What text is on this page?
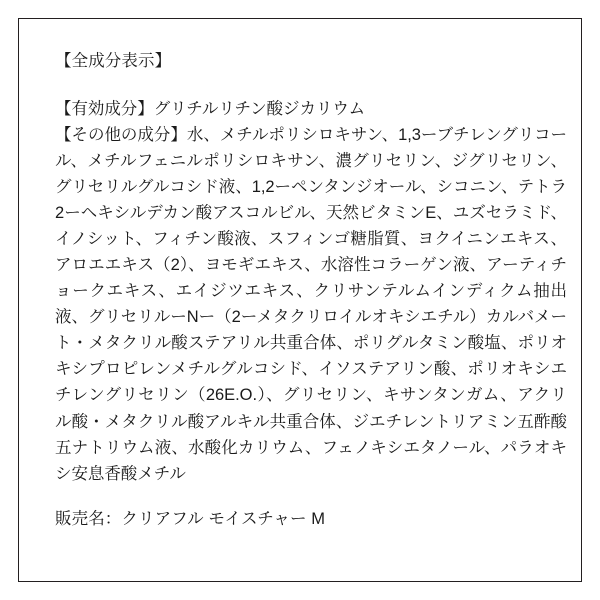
【全成分表示】

【有効成分】グリチルリチン酸ジカリウム

【その他の成分】水、メチルポリシロキサン、1,3ーブチレングリコール、メチルフェニルポリシロキサン、濃グリセリン、ジグリセリン、グリセリルグルコシド液、1,2ーペンタンジオール、シコニン、テトラ2ーヘキシルデカン酸アスコルビル、天然ビタミンE、ユズセラミド、イノシット、フィチン酸液、スフィンゴ糖脂質、ヨクイニンエキス、アロエエキス（2）、ヨモギエキス、水溶性コラーゲン液、アーティチョークエキス、エイジツエキス、クリサンテルムインディクム抽出液、グリセリルーNー（2ーメタクリロイルオキシエチル）カルバメート・メタクリル酸ステアリル共重合体、ポリグルタミン酸塩、ポリオキシプロピレンメチルグルコシド、イソステアリン酸、ポリオキシエチレングリセリン（26E.O.）、グリセリン、キサンタンガム、アクリル酸・メタクリル酸アルキル共重合体、ジエチレントリアミン五酢酸五ナトリウム液、水酸化カリウム、フェノキシエタノール、パラオキシ安息香酸メチル

販売名：クリアフル モイスチャー M
